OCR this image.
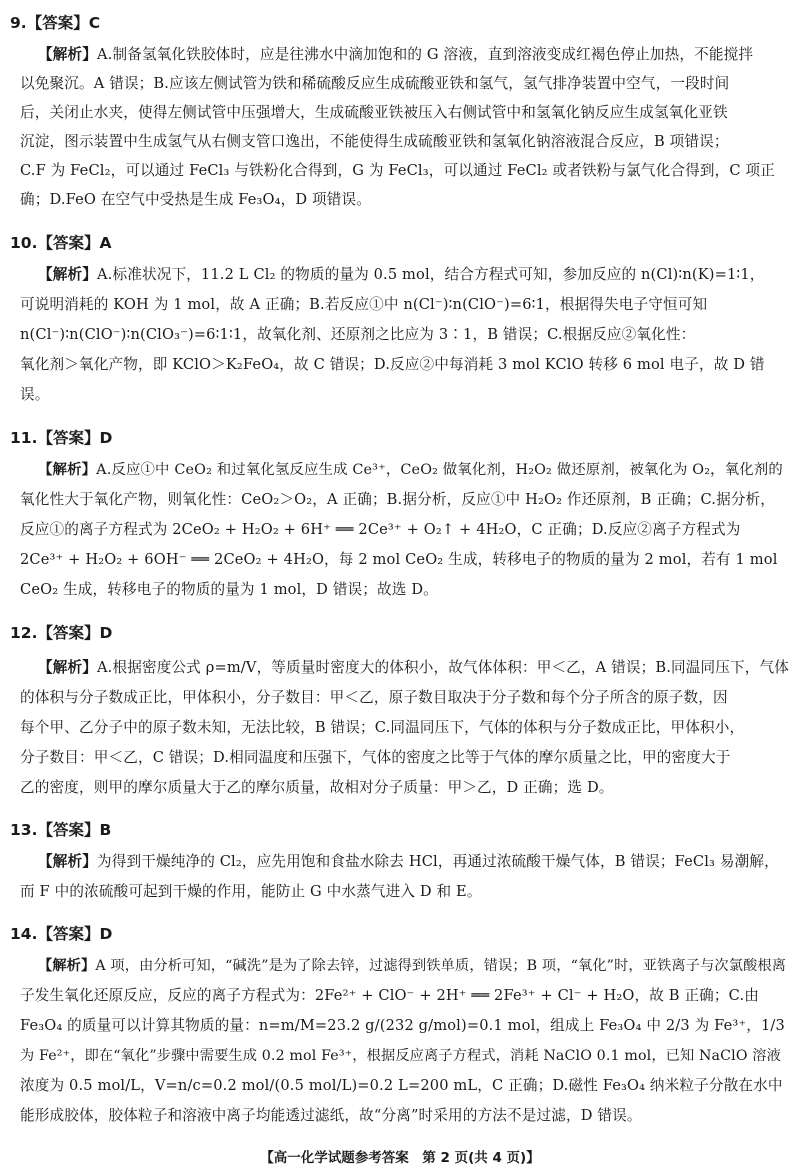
9.【答案】C
【解析】A.制备氢氧化铁胶体时，应是往沸水中滴加饱和的 G 溶液，直到溶液变成红褐色停止加热，不能搅拌
以免聚沉。A 错误；B.应该左侧试管为铁和稀硫酸反应生成硫酸亚铁和氢气，氢气排净装置中空气，一段时间
后，关闭止水夹，使得左侧试管中压强增大，生成硫酸亚铁被压入右侧试管中和氢氧化钠反应生成氢氧化亚铁
沉淀，图示装置中生成氢气从右侧支管口逸出，不能使得生成硫酸亚铁和氢氧化钠溶液混合反应，B 项错误；
C.F 为 FeCl₂，可以通过 FeCl₃ 与铁粉化合得到，G 为 FeCl₃，可以通过 FeCl₂ 或者铁粉与氯气化合得到，C 项正
确；D.FeO 在空气中受热是生成 Fe₃O₄，D 项错误。
10.【答案】A
【解析】A.标准状况下，11.2 L Cl₂ 的物质的量为 0.5 mol，结合方程式可知，参加反应的 n(Cl)∶n(K)=1∶1，
可说明消耗的 KOH 为 1 mol，故 A 正确；B.若反应①中 n(Cl⁻)∶n(ClO⁻)=6∶1，根据得失电子守恒可知
n(Cl⁻)∶n(ClO⁻)∶n(ClO₃⁻)=6∶1∶1，故氧化剂、还原剂之比应为 3∶1，B 错误；C.根据反应②氧化性：
氧化剂＞氧化产物，即 KClO＞K₂FeO₄，故 C 错误；D.反应②中每消耗 3 mol KClO 转移 6 mol 电子，故 D 错
误。
11.【答案】D
【解析】A.反应①中 CeO₂ 和过氧化氢反应生成 Ce³⁺，CeO₂ 做氧化剂，H₂O₂ 做还原剂，被氧化为 O₂，氧化剂的
氧化性大于氧化产物，则氧化性：CeO₂＞O₂，A 正确；B.据分析，反应①中 H₂O₂ 作还原剂，B 正确；C.据分析，
反应①的离子方程式为 2CeO₂ + H₂O₂ + 6H⁺ ══ 2Ce³⁺ + O₂↑ + 4H₂O，C 正确；D.反应②离子方程式为
2Ce³⁺ + H₂O₂ + 6OH⁻ ══ 2CeO₂ + 4H₂O，每 2 mol CeO₂ 生成，转移电子的物质的量为 2 mol，若有 1 mol
CeO₂ 生成，转移电子的物质的量为 1 mol，D 错误；故选 D。
12.【答案】D
【解析】A.根据密度公式 ρ=m/V，等质量时密度大的体积小，故气体体积：甲＜乙，A 错误；B.同温同压下，气体
的体积与分子数成正比，甲体积小，分子数目：甲＜乙，原子数目取决于分子数和每个分子所含的原子数，因
每个甲、乙分子中的原子数未知，无法比较，B 错误；C.同温同压下，气体的体积与分子数成正比，甲体积小，
分子数目：甲＜乙，C 错误；D.相同温度和压强下，气体的密度之比等于气体的摩尔质量之比，甲的密度大于
乙的密度，则甲的摩尔质量大于乙的摩尔质量，故相对分子质量：甲＞乙，D 正确；选 D。
13.【答案】B
【解析】为得到干燥纯净的 Cl₂，应先用饱和食盐水除去 HCl，再通过浓硫酸干燥气体，B 错误；FeCl₃ 易潮解，
而 F 中的浓硫酸可起到干燥的作用，能防止 G 中水蒸气进入 D 和 E。
14.【答案】D
【解析】A 项，由分析可知，“碱洗”是为了除去锌，过滤得到铁单质，错误；B 项，“氧化”时，亚铁离子与次氯酸根离
子发生氧化还原反应，反应的离子方程式为：2Fe²⁺ + ClO⁻ + 2H⁺ ══ 2Fe³⁺ + Cl⁻ + H₂O，故 B 正确；C.由
Fe₃O₄ 的质量可以计算其物质的量：n=m/M=23.2 g/(232 g/mol)=0.1 mol，组成上 Fe₃O₄ 中 2/3 为 Fe³⁺，1/3
为 Fe²⁺，即在“氧化”步骤中需要生成 0.2 mol Fe³⁺，根据反应离子方程式，消耗 NaClO 0.1 mol，已知 NaClO 溶液
浓度为 0.5 mol/L，V=n/c=0.2 mol/(0.5 mol/L)=0.2 L=200 mL，C 正确；D.磁性 Fe₃O₄ 纳米粒子分散在水中
能形成胶体，胶体粒子和溶液中离子均能透过滤纸，故“分离”时采用的方法不是过滤，D 错误。
【高一化学试题参考答案　第 2 页(共 4 页)】
